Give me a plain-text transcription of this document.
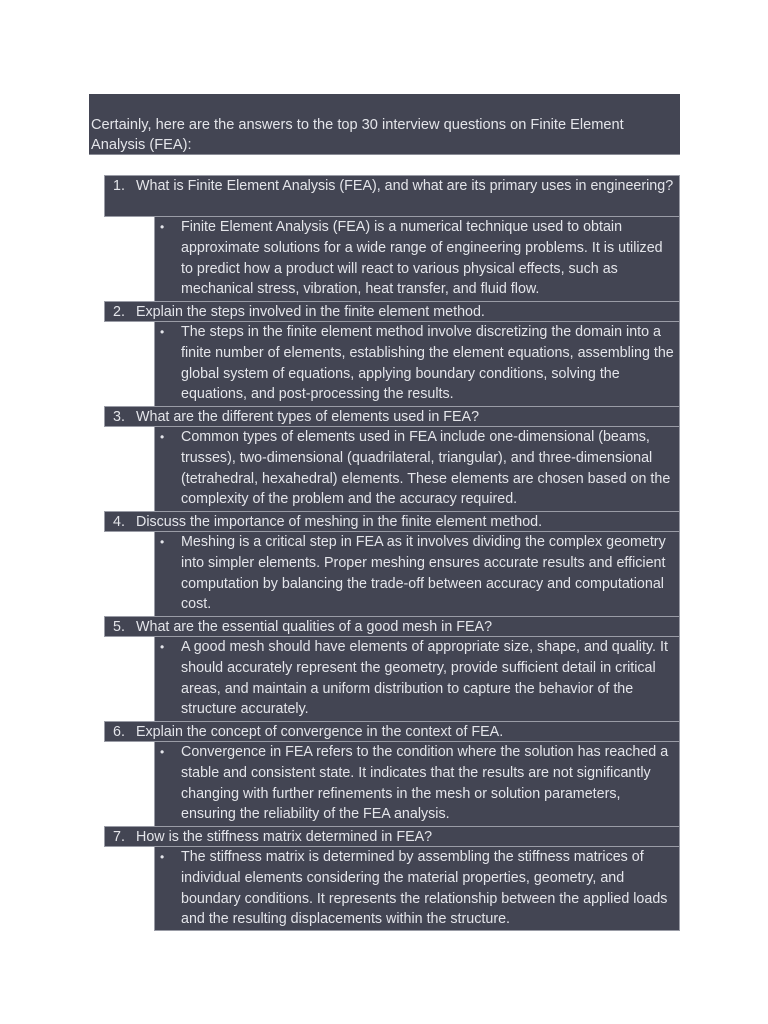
Certainly, here are the answers to the top 30 interview questions on Finite Element Analysis (FEA):
1. What is Finite Element Analysis (FEA), and what are its primary uses in engineering?
• Finite Element Analysis (FEA) is a numerical technique used to obtain approximate solutions for a wide range of engineering problems. It is utilized to predict how a product will react to various physical effects, such as mechanical stress, vibration, heat transfer, and fluid flow.
2. Explain the steps involved in the finite element method.
• The steps in the finite element method involve discretizing the domain into a finite number of elements, establishing the element equations, assembling the global system of equations, applying boundary conditions, solving the equations, and post-processing the results.
3. What are the different types of elements used in FEA?
• Common types of elements used in FEA include one-dimensional (beams, trusses), two-dimensional (quadrilateral, triangular), and three-dimensional (tetrahedral, hexahedral) elements. These elements are chosen based on the complexity of the problem and the accuracy required.
4. Discuss the importance of meshing in the finite element method.
• Meshing is a critical step in FEA as it involves dividing the complex geometry into simpler elements. Proper meshing ensures accurate results and efficient computation by balancing the trade-off between accuracy and computational cost.
5. What are the essential qualities of a good mesh in FEA?
• A good mesh should have elements of appropriate size, shape, and quality. It should accurately represent the geometry, provide sufficient detail in critical areas, and maintain a uniform distribution to capture the behavior of the structure accurately.
6. Explain the concept of convergence in the context of FEA.
• Convergence in FEA refers to the condition where the solution has reached a stable and consistent state. It indicates that the results are not significantly changing with further refinements in the mesh or solution parameters, ensuring the reliability of the FEA analysis.
7. How is the stiffness matrix determined in FEA?
• The stiffness matrix is determined by assembling the stiffness matrices of individual elements considering the material properties, geometry, and boundary conditions. It represents the relationship between the applied loads and the resulting displacements within the structure.
